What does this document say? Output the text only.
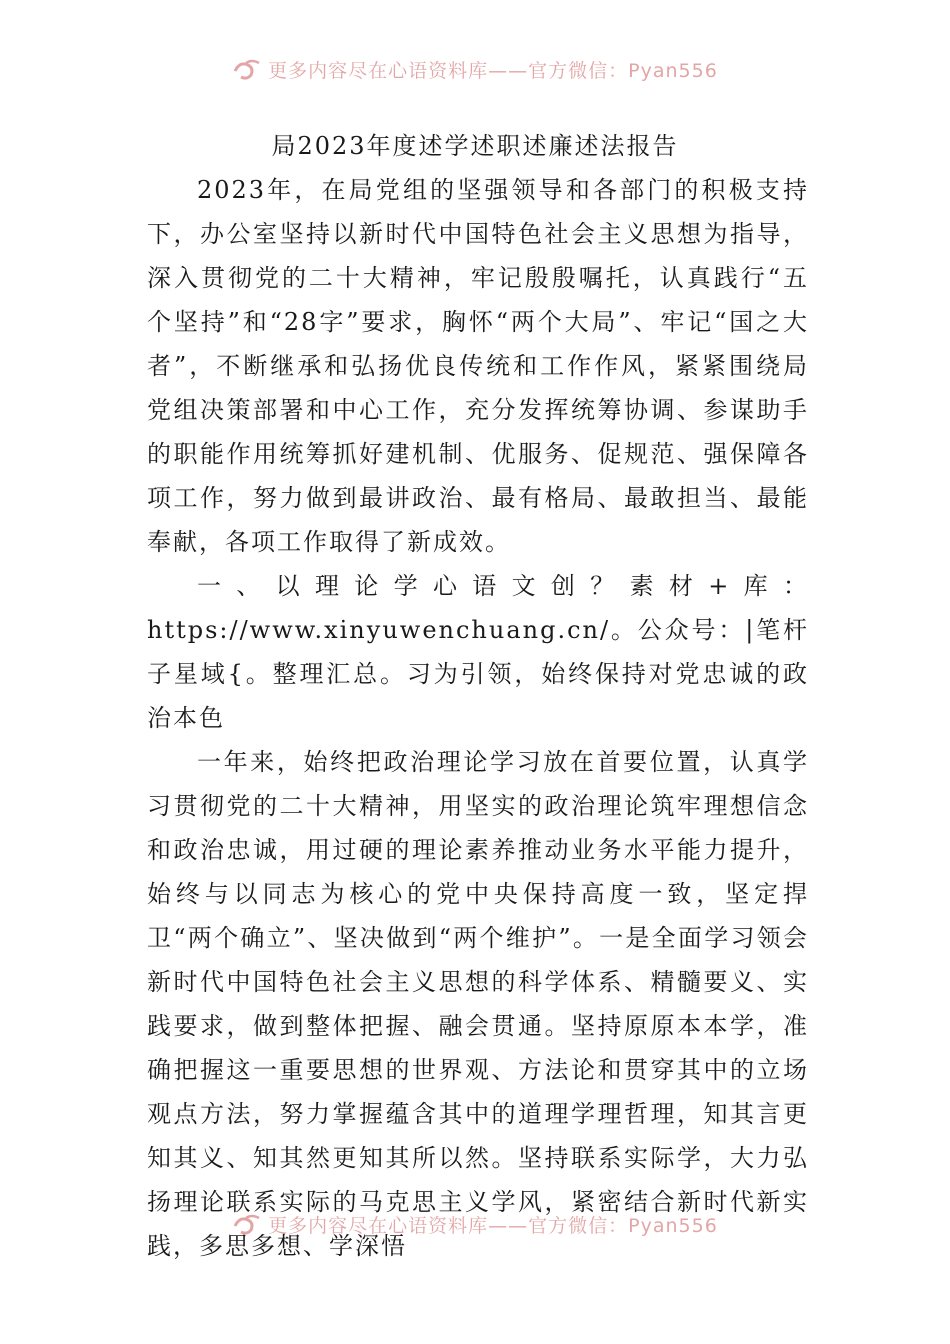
更多内容尽在心语资料库——官方微信：Pyan556
局2023年度述学述职述廉述法报告

2023年，在局党组的坚强领导和各部门的积极支持下，办公室坚持以新时代中国特色社会主义思想为指导，深入贯彻党的二十大精神，牢记殷殷嘱托，认真践行“五个坚持”和“28字”要求，胸怀“两个大局”、牢记“国之大者”，不断继承和弘扬优良传统和工作作风，紧紧围绕局党组决策部署和中心工作，充分发挥统筹协调、参谋助手的职能作用统筹抓好建机制、优服务、促规范、强保障各项工作，努力做到最讲政治、最有格局、最敢担当、最能奉献，各项工作取得了新成效。

一、以理论学心语文创？素材+库：https://www.xinyuwenchuang.cn/。公众号：|笔杆子星域{。整理汇总。习为引领，始终保持对党忠诚的政治本色

一年来，始终把政治理论学习放在首要位置，认真学习贯彻党的二十大精神，用坚实的政治理论筑牢理想信念和政治忠诚，用过硬的理论素养推动业务水平能力提升，始终与以同志为核心的党中央保持高度一致，坚定捍卫“两个确立”、坚决做到“两个维护”。一是全面学习领会新时代中国特色社会主义思想的科学体系、精髓要义、实践要求，做到整体把握、融会贯通。坚持原原本本学，准确把握这一重要思想的世界观、方法论和贯穿其中的立场观点方法，努力掌握蕴含其中的道理学理哲理，知其言更知其义、知其然更知其所以然。坚持联系实际学，大力弘扬理论联系实际的马克思主义学风，紧密结合新时代新实践，多思多想、学深悟

更多内容尽在心语资料库——官方微信：Pyan556
